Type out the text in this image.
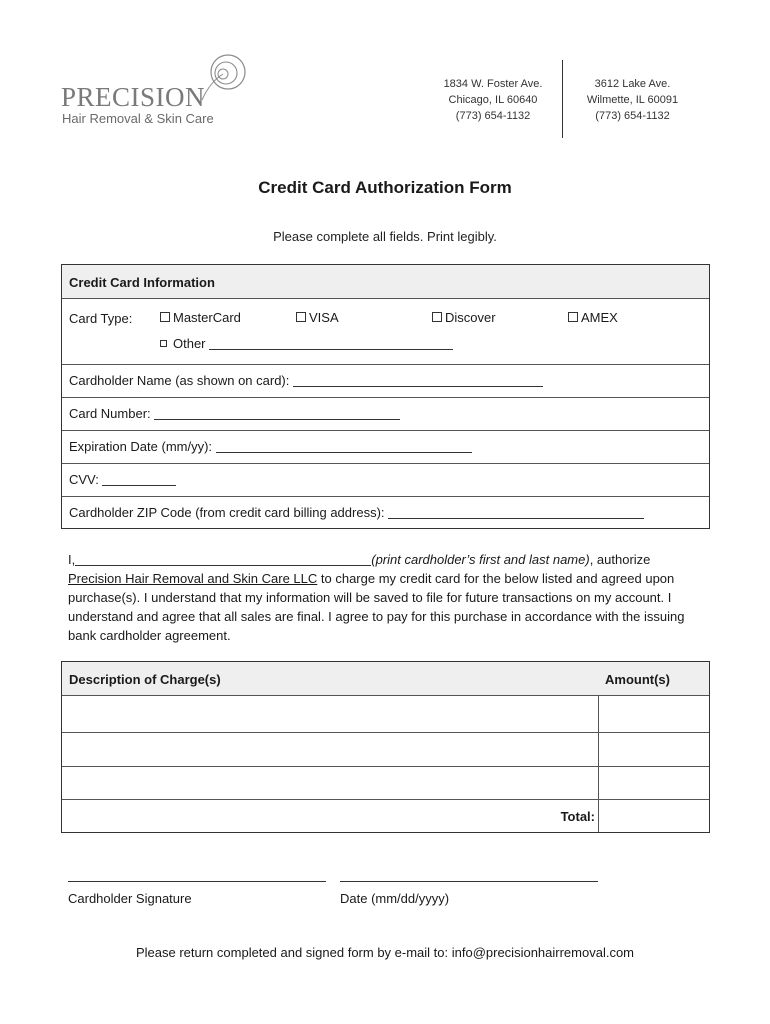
PRECISION
Hair Removal & Skin Care
1834 W. Foster Ave.
Chicago, IL 60640
(773) 654-1132
3612 Lake Ave.
Wilmette, IL 60091
(773) 654-1132
Credit Card Authorization Form
Please complete all fields. Print legibly.
Credit Card Information
Card Type:	MasterCard	VISA	Discover	AMEX
Other
Cardholder Name (as shown on card):
Card Number:
Expiration Date (mm/yy):
CVV:
Cardholder ZIP Code (from credit card billing address):
I,	(print cardholder’s first and last name), authorize
Precision Hair Removal and Skin Care LLC to charge my credit card for the below listed and agreed upon purchase(s). I understand that my information will be saved to file for future transactions on my account. I understand and agree that all sales are final. I agree to pay for this purchase in accordance with the issuing bank cardholder agreement.
Description of Charge(s)	Amount(s)
Total:
Cardholder Signature	Date (mm/dd/yyyy)
Please return completed and signed form by e-mail to: info@precisionhairremoval.com
